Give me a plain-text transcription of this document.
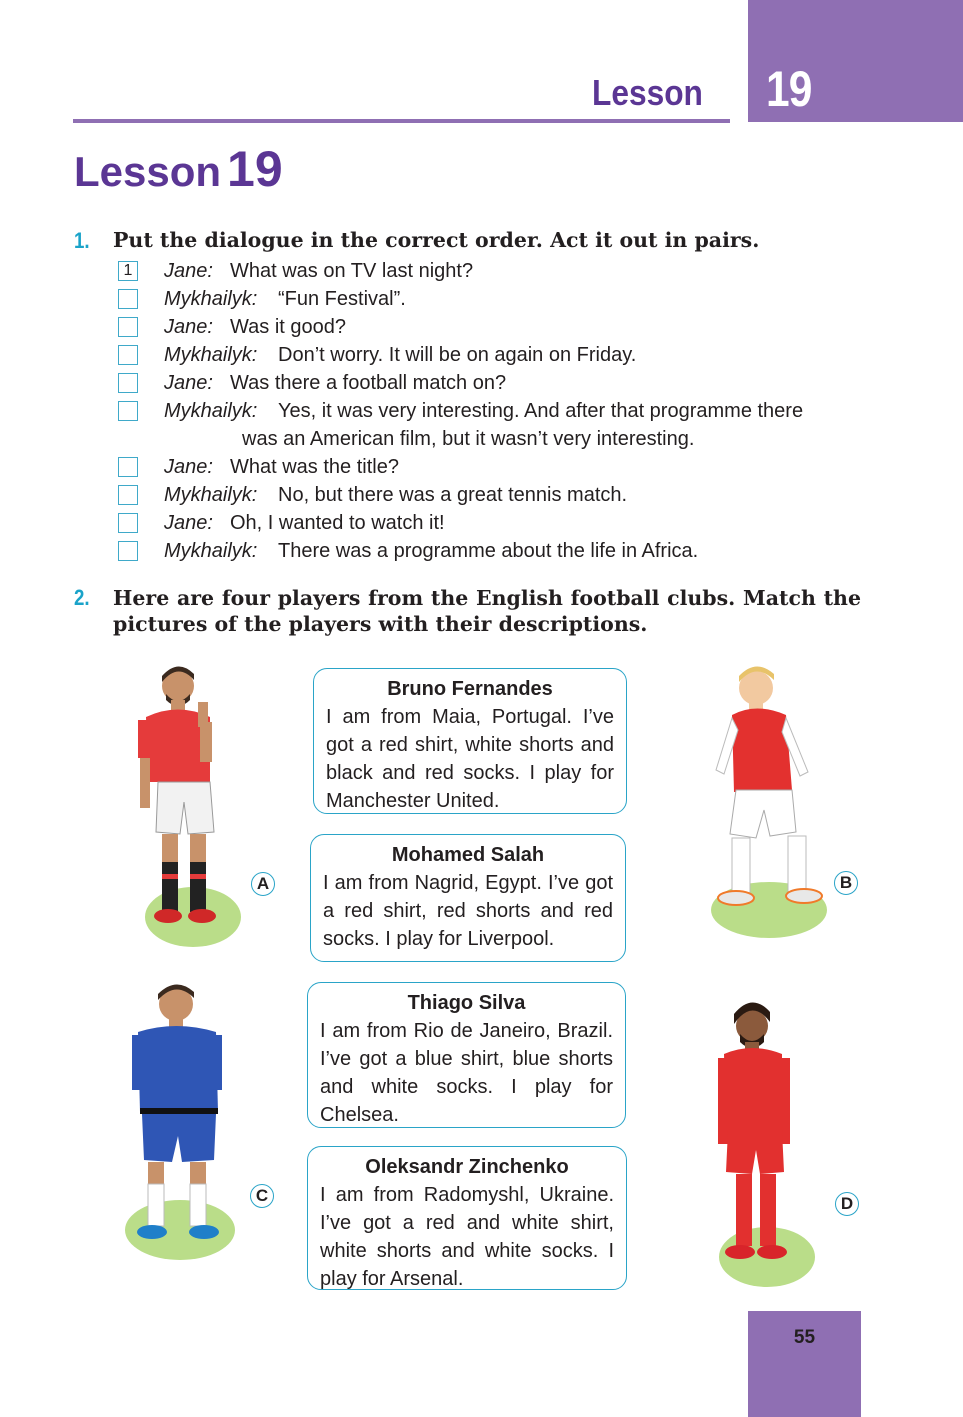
19
Lesson
Lesson 19
1. Put the dialogue in the correct order. Act it out in pairs.
1 Jane: What was on TV last night?
Mykhailyk: “Fun Festival”.
Jane: Was it good?
Mykhailyk: Don’t worry. It will be on again on Friday.
Jane: Was there a football match on?
Mykhailyk: Yes, it was very interesting. And after that programme there
was an American film, but it wasn’t very interesting.
Jane: What was the title?
Mykhailyk: No, but there was a great tennis match.
Jane: Oh, I wanted to watch it!
Mykhailyk: There was a programme about the life in Africa.
2. Here are four players from the English football clubs. Match the pictures of the players with their descriptions.
Bruno Fernandes
I am from Maia, Portugal. I’ve got a red shirt, white shorts and black and red socks. I play for Manchester United.
Mohamed Salah
I am from Nagrid, Egypt. I’ve got a red shirt, red shorts and red socks. I play for Liverpool.
Thiago Silva
I am from Rio de Janeiro, Brazil. I’ve got a blue shirt, blue shorts and white socks. I play for Chelsea.
Oleksandr Zinchenko
I am from Radomyshl, Ukraine. I’ve got a red and white shirt, white shorts and white socks. I play for Arsenal.
A	B
C	D
55
